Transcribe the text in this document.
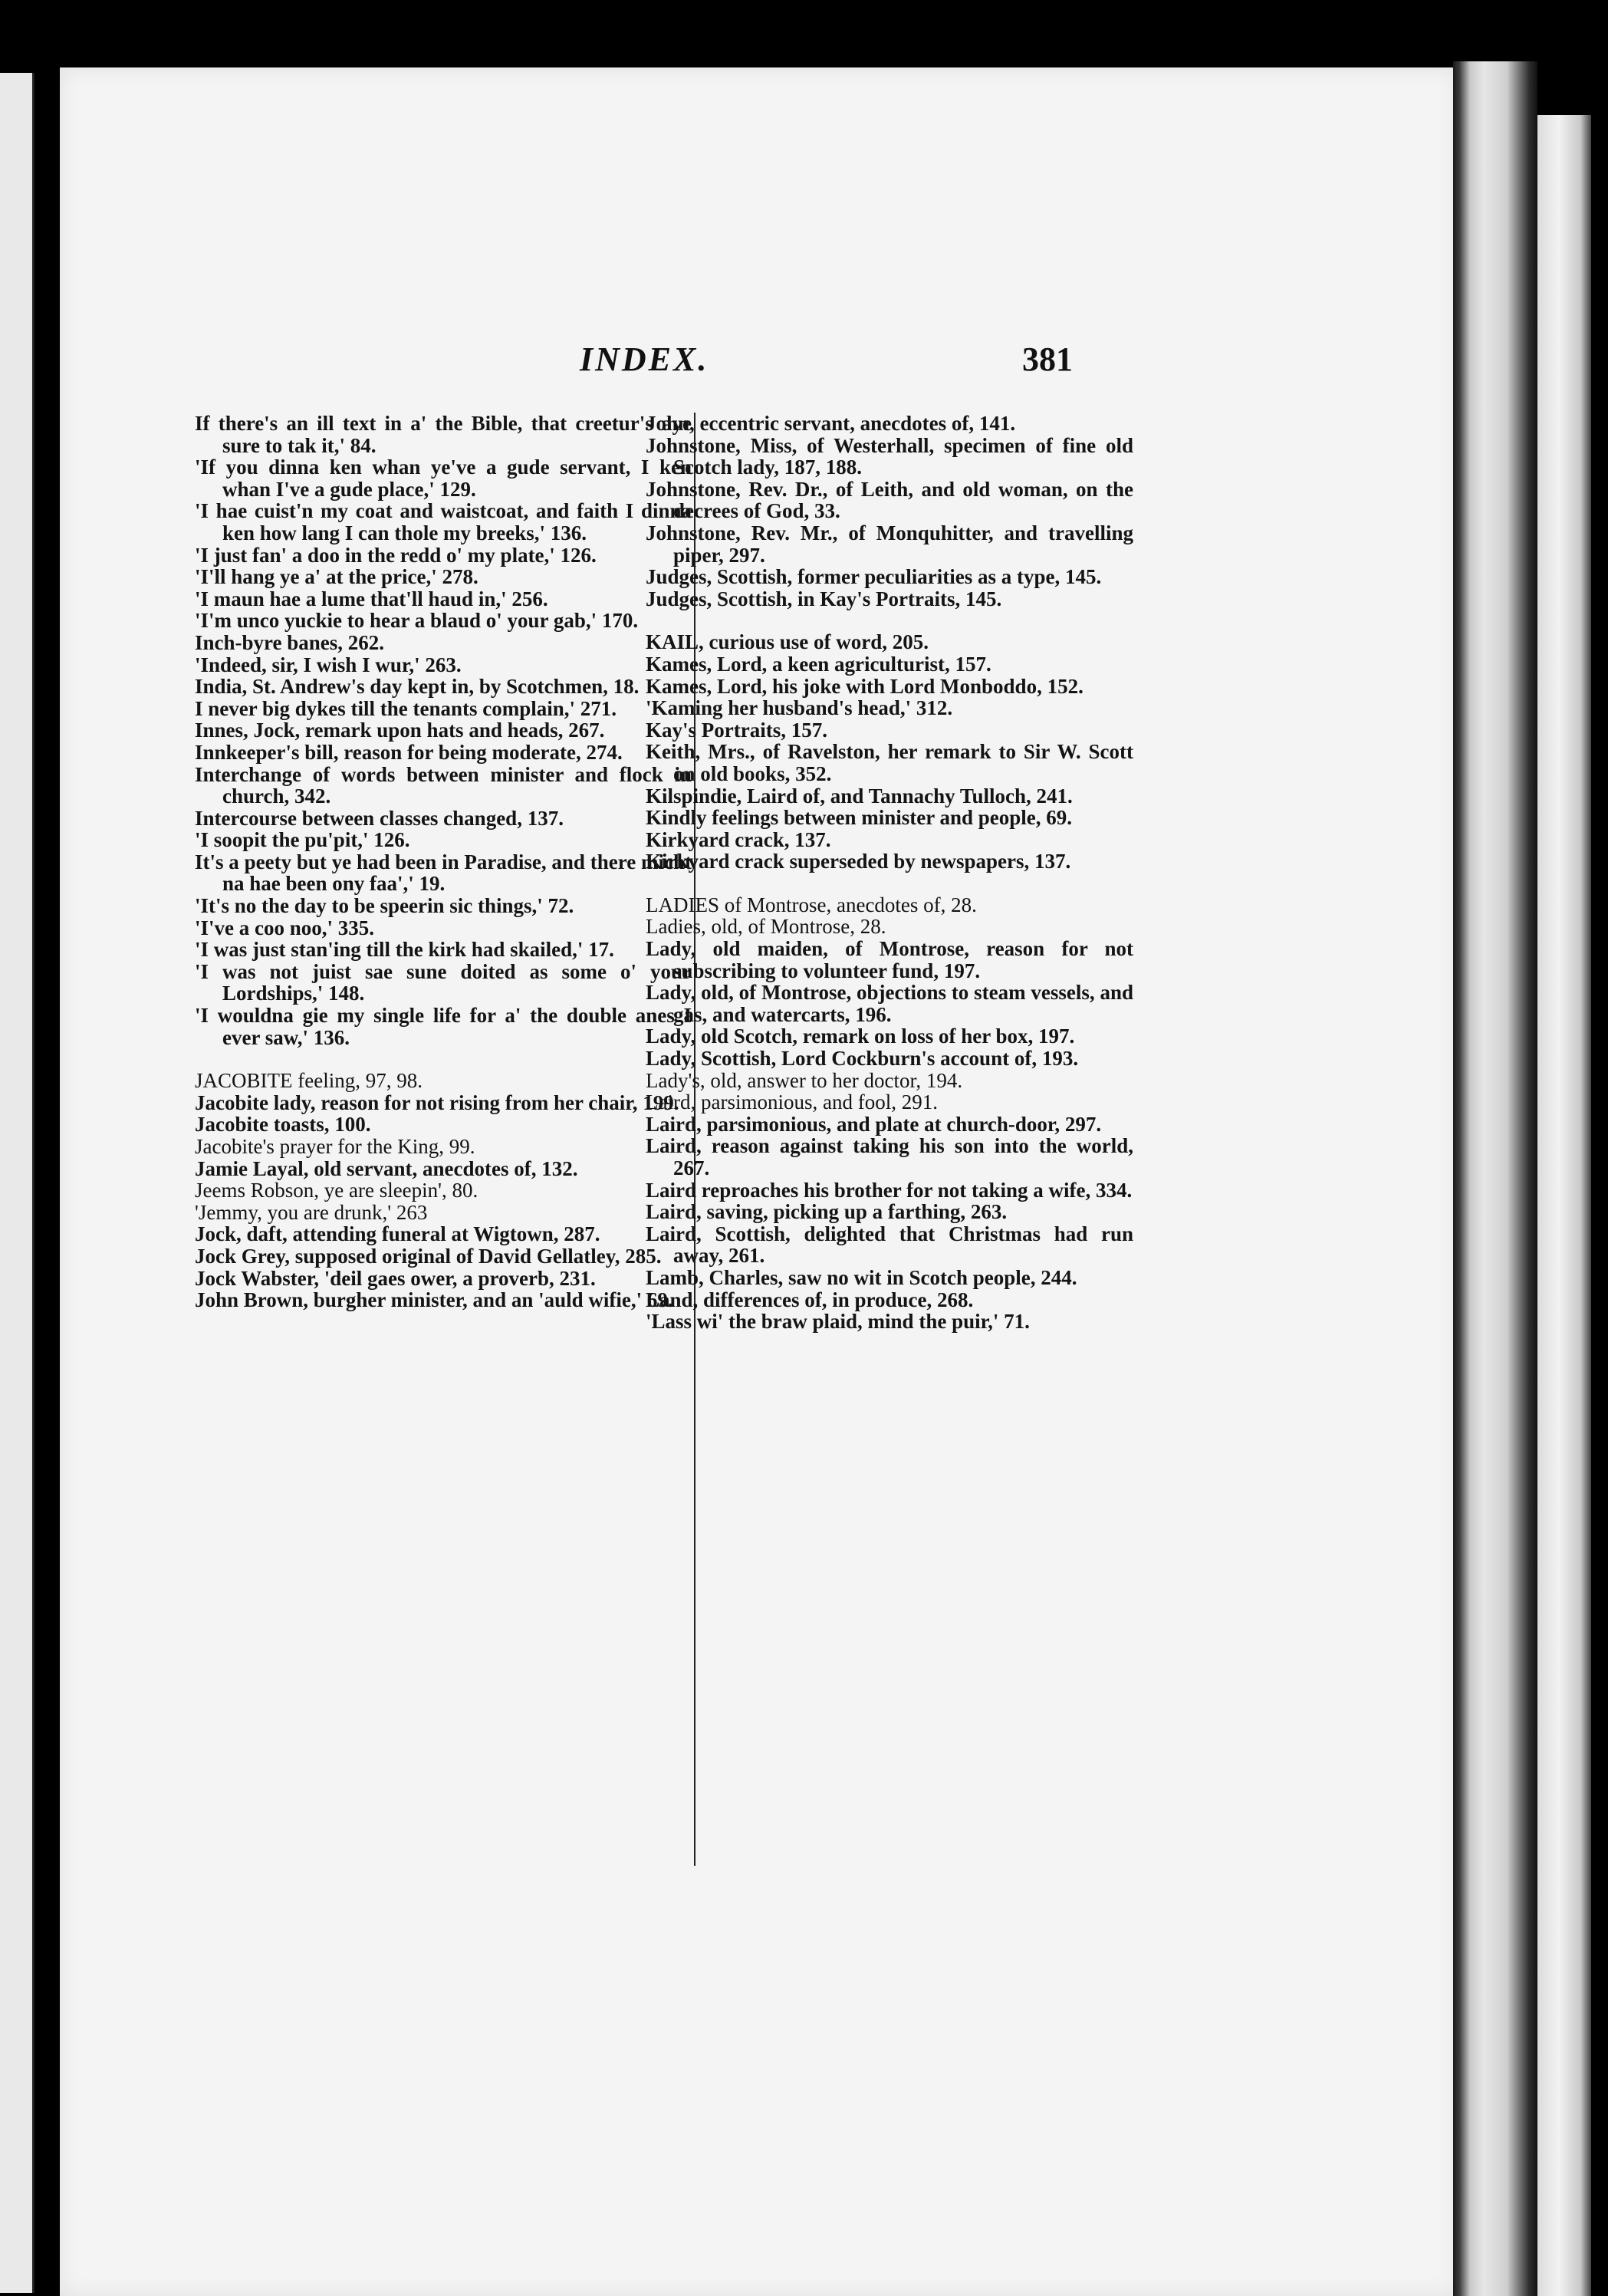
INDEX.	381

If there's an ill text in a' the Bible, that creetur's aye sure to tak it,' 84.

'If you dinna ken whan ye've a gude servant, I ken whan I've a gude place,' 129.

'I hae cuist'n my coat and waistcoat, and faith I dinna ken how lang I can thole my breeks,' 136.

'I just fan' a doo in the redd o' my plate,' 126.

'I'll hang ye a' at the price,' 278.

'I maun hae a lume that'll haud in,' 256.

'I'm unco yuckie to hear a blaud o' your gab,' 170.

Inch-byre banes, 262.

'Indeed, sir, I wish I wur,' 263.

India, St. Andrew's day kept in, by Scotchmen, 18.

I never big dykes till the tenants complain,' 271.

Innes, Jock, remark upon hats and heads, 267.

Innkeeper's bill, reason for being moderate, 274.

Interchange of words between minister and flock in church, 342.

Intercourse between classes changed, 137.

'I soopit the pu'pit,' 126.

It's a peety but ye had been in Paradise, and there micht na hae been ony faa',' 19.

'It's no the day to be speerin sic things,' 72.

'I've a coo noo,' 335.

'I was just stan'ing till the kirk had skailed,' 17.

'I was not juist sae sune doited as some o' your Lordships,' 148.

'I wouldna gie my single life for a' the double anes I ever saw,' 136.

JACOBITE feeling, 97, 98.

Jacobite lady, reason for not rising from her chair, 199.

Jacobite toasts, 100.

Jacobite's prayer for the King, 99.

Jamie Layal, old servant, anecdotes of, 132.

Jeems Robson, ye are sleepin', 80.

'Jemmy, you are drunk,' 263

Jock, daft, attending funeral at Wigtown, 287.

Jock Grey, supposed original of David Gellatley, 285.

Jock Wabster, 'deil gaes ower, a proverb, 231.

John Brown, burgher minister, and an 'auld wifie,' 69.

John, eccentric servant, anecdotes of, 141.

Johnstone, Miss, of Westerhall, specimen of fine old Scotch lady, 187, 188.

Johnstone, Rev. Dr., of Leith, and old woman, on the decrees of God, 33.

Johnstone, Rev. Mr., of Monquhitter, and travelling piper, 297.

Judges, Scottish, former peculiarities as a type, 145.

Judges, Scottish, in Kay's Portraits, 145.

KAIL, curious use of word, 205.

Kames, Lord, a keen agriculturist, 157.

Kames, Lord, his joke with Lord Monboddo, 152.

'Kaming her husband's head,' 312.

Kay's Portraits, 157.

Keith, Mrs., of Ravelston, her remark to Sir W. Scott on old books, 352.

Kilspindie, Laird of, and Tannachy Tulloch, 241.

Kindly feelings between minister and people, 69.

Kirkyard crack, 137.

Kirkyard crack superseded by newspapers, 137.

LADIES of Montrose, anecdotes of, 28.

Ladies, old, of Montrose, 28.

Lady, old maiden, of Montrose, reason for not subscribing to volunteer fund, 197.

Lady, old, of Montrose, objections to steam vessels, and gas, and watercarts, 196.

Lady, old Scotch, remark on loss of her box, 197.

Lady, Scottish, Lord Cockburn's account of, 193.

Lady's, old, answer to her doctor, 194.

Laird, parsimonious, and fool, 291.

Laird, parsimonious, and plate at church-door, 297.

Laird, reason against taking his son into the world, 267.

Laird reproaches his brother for not taking a wife, 334.

Laird, saving, picking up a farthing, 263.

Laird, Scottish, delighted that Christmas had run away, 261.

Lamb, Charles, saw no wit in Scotch people, 244.

Land, differences of, in produce, 268.

'Lass wi' the braw plaid, mind the puir,' 71.
